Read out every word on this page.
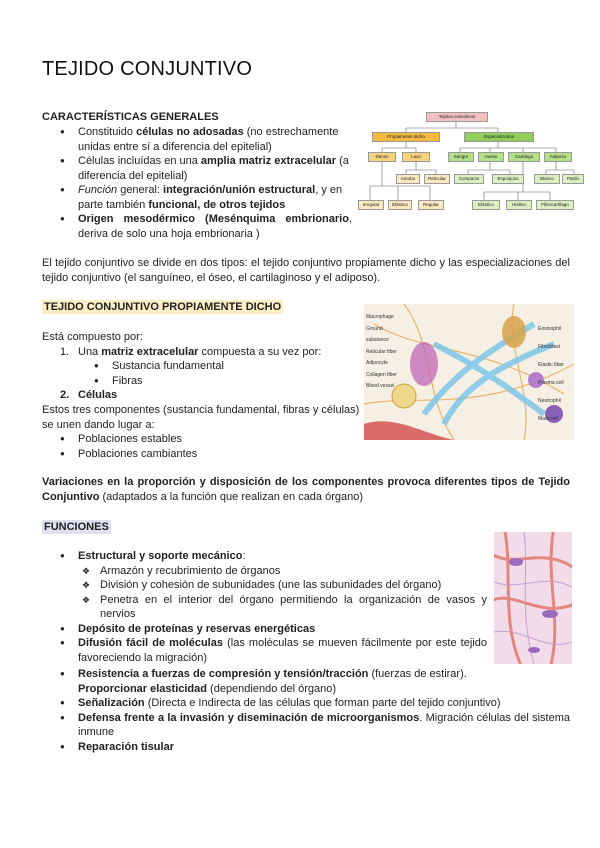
TEJIDO CONJUNTIVO
CARACTERÍSTICAS GENERALES
● Constituido células no adosadas (no estrechamente unidas entre sí a diferencia del epitelial)
● Células incluídas en una amplia matriz extracelular (a diferencia del epitelial)
● Función general: integración/unión estructural, y en parte también funcional, de otros tejidos
● Origen mesodérmico (Mesénquima embrionario, deriva de solo una hoja embrionaria )
Tejidos conectivos
Propiamente dicho	Especializados
Denso	Laxo
Areolar	Reticular
Irregular	Elástico	Regular
Sangre	Hueso	Cartílago	Adiposo
Compacto	Esponjoso
Elástico	Hialino	Fibrocartílago
Blanco	Pardo
El tejido conjuntivo se divide en dos tipos: el tejido conjuntivo propiamente dicho y las especializaciones del tejido conjuntivo (el sanguíneo, el óseo, el cartilaginoso y el adiposo).
TEJIDO CONJUNTIVO PROPIAMENTE DICHO
Está compuesto por:
1. Una matriz extracelular compuesta a su vez por:
● Sustancia fundamental
● Fibras
2. Células
Estos tres componentes (sustancia fundamental, fibras y células) se unen dando lugar a:
● Poblaciones estables
● Poblaciones cambiantes
Macrophage
Ground substance
Reticular fiber
Adipocyte
Collagen fiber
Blood vessel
Eosinophil
Fibroblast
Elastic fiber
Plasma cell
Neutrophil
Mast cell
Variaciones en la proporción y disposición de los componentes provoca diferentes tipos de Tejido Conjuntivo (adaptados a la función que realizan en cada órgano)
FUNCIONES
● Estructural y soporte mecánico:
❖ Armazón y recubrimiento de órganos
❖ División y cohesión de subunidades (une las subunidades del órgano)
❖ Penetra en el interior del órgano permitiendo la organización de vasos y nervios
● Depósito de proteínas y reservas energéticas
● Difusión fácil de moléculas (las moléculas se mueven fácilmente por este tejido favoreciendo la migración)
● Resistencia a fuerzas de compresión y tensión/tracción (fuerzas de estirar).
Proporcionar elasticidad (dependiendo del órgano)
● Señalización (Directa e Indirecta de las células que forman parte del tejido conjuntivo)
● Defensa frente a la invasión y diseminación de microorganismos. Migración células del sistema inmune
● Reparación tisular
